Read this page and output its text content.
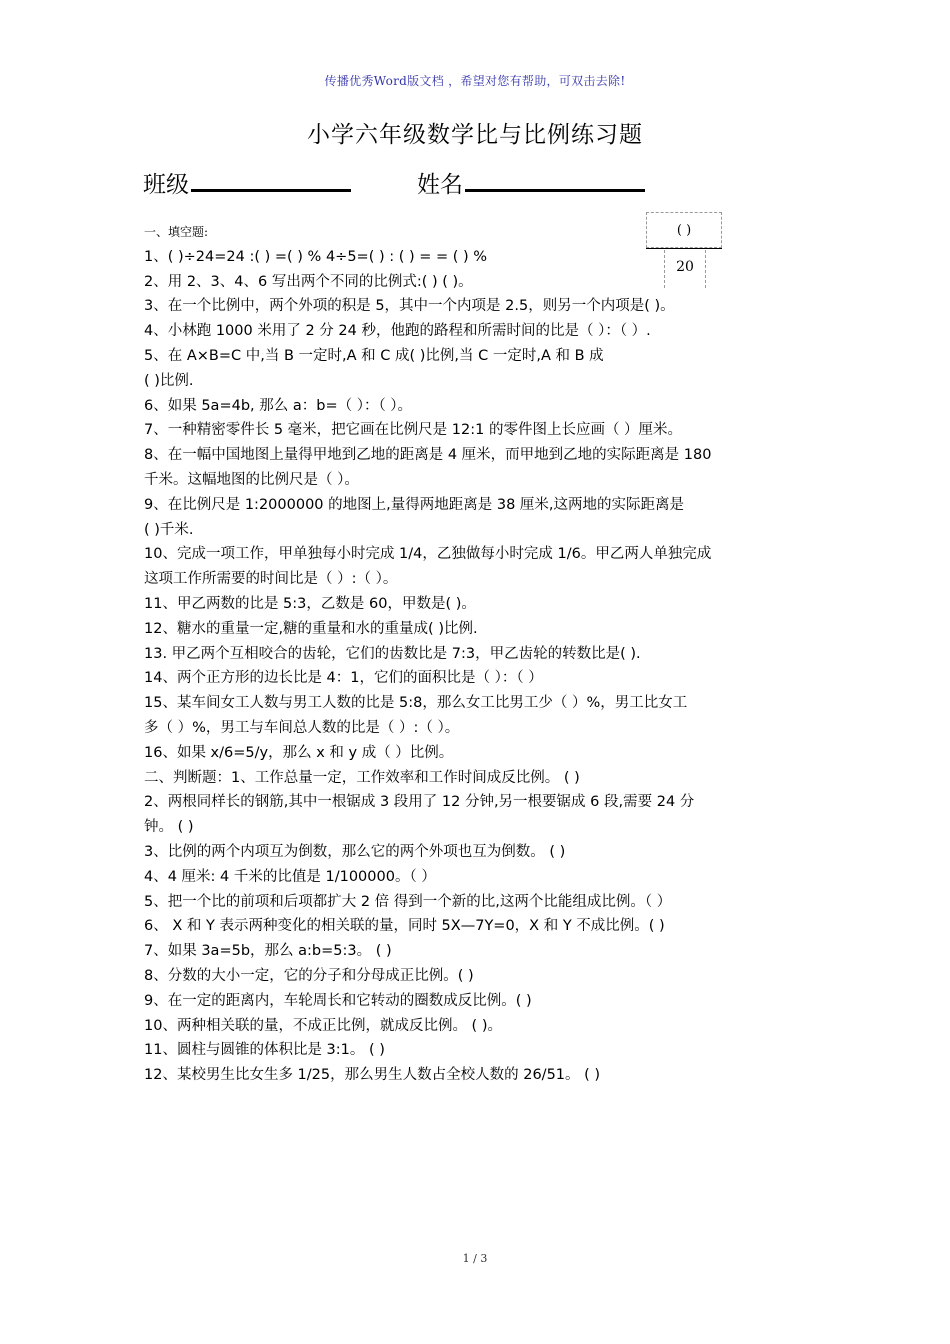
传播优秀Word版文档 ，希望对您有帮助，可双击去除!
小学六年级数学比与比例练习题
班级	姓名
( )
20
一、填空题:
1、( )÷24=24 :( ) =( ) % 4÷5=( ) : ( ) = = ( ) %
2、用 2、3、4、6 写出两个不同的比例式:( ) ( )。
3、在一个比例中，两个外项的积是 5，其中一个内项是 2.5，则另一个内项是( )。
4、小林跑 1000 米用了 2 分 24 秒，他跑的路程和所需时间的比是（ ）：（ ）.
5、在 A×B=C 中,当 B 一定时,A 和 C 成( )比例,当 C 一定时,A 和 B 成
( )比例.
6、如果 5a=4b, 那么 a：b=（ ）：（ ）。
7、一种精密零件长 5 毫米，把它画在比例尺是 12:1 的零件图上长应画（ ）厘米。
8、在一幅中国地图上量得甲地到乙地的距离是 4 厘米，而甲地到乙地的实际距离是 180
千米。这幅地图的比例尺是（ ）。
9、在比例尺是 1:2000000 的地图上,量得两地距离是 38 厘米,这两地的实际距离是
( )千米.
10、完成一项工作，甲单独每小时完成 1/4，乙独做每小时完成 1/6。甲乙两人单独完成
这项工作所需要的时间比是（ ）:（ ）。
11、甲乙两数的比是 5:3，乙数是 60，甲数是( )。
12、糖水的重量一定,糖的重量和水的重量成( )比例.
13. 甲乙两个互相咬合的齿轮，它们的齿数比是 7:3，甲乙齿轮的转数比是( ).
14、两个正方形的边长比是 4：1，它们的面积比是（ ）：（ ）
15、某车间女工人数与男工人数的比是 5:8，那么女工比男工少（ ）%，男工比女工
多（ ）%，男工与车间总人数的比是（ ）:（ ）。
16、如果 x/6=5/y，那么 x 和 y 成（ ）比例。
二、判断题：1、工作总量一定，工作效率和工作时间成反比例。 ( )
2、两根同样长的钢筋,其中一根锯成 3 段用了 12 分钟,另一根要锯成 6 段,需要 24 分
钟。 ( )
3、比例的两个内项互为倒数，那么它的两个外项也互为倒数。 ( )
4、4 厘米: 4 千米的比值是 1/100000。（ ）
5、把一个比的前项和后项都扩大 2 倍 得到一个新的比,这两个比能组成比例。（ ）
6、 X 和 Y 表示两种变化的相关联的量，同时 5X—7Y=0，X 和 Y 不成比例。( )
7、如果 3a=5b，那么 a:b=5:3。 ( )
8、分数的大小一定，它的分子和分母成正比例。( )
9、在一定的距离内，车轮周长和它转动的圈数成反比例。( )
10、两种相关联的量，不成正比例，就成反比例。 ( )。
11、圆柱与圆锥的体积比是 3:1。 ( )
12、某校男生比女生多 1/25，那么男生人数占全校人数的 26/51。 ( )
1 / 3
